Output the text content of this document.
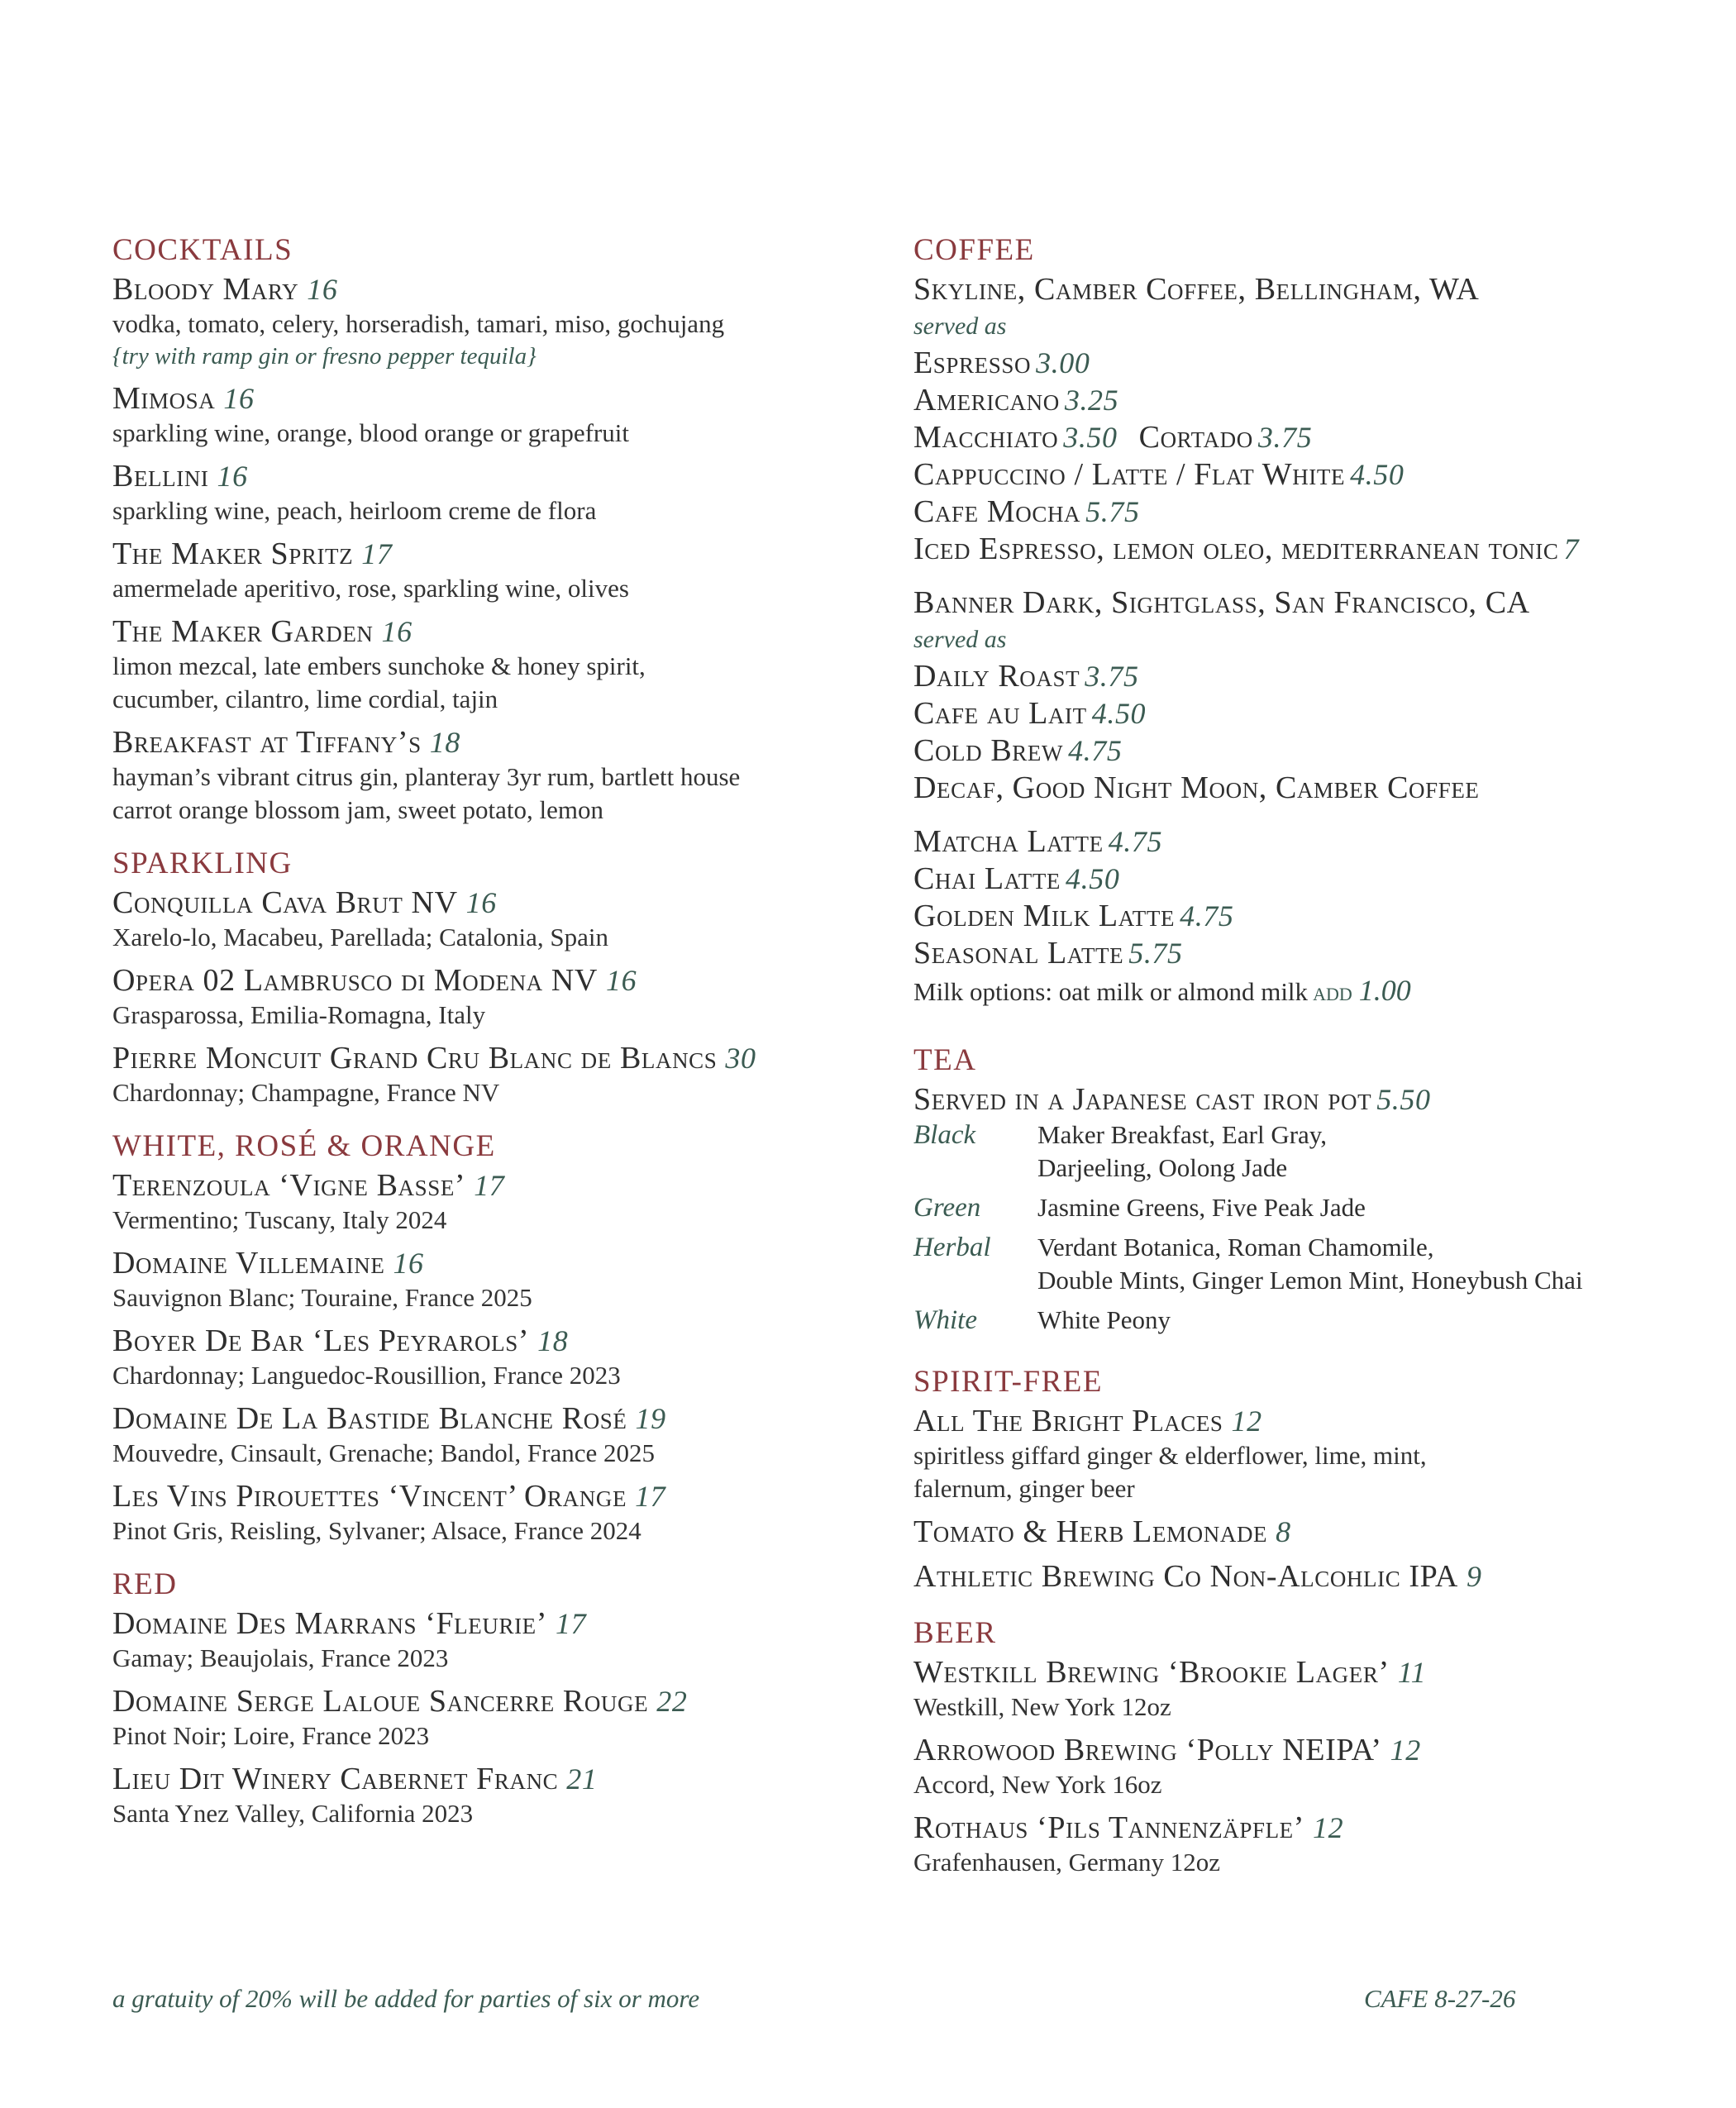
COCKTAILS
Bloody Mary 16
vodka, tomato, celery, horseradish, tamari, miso, gochujang
{try with ramp gin or fresno pepper tequila}
Mimosa 16
sparkling wine, orange, blood orange or grapefruit
Bellini 16
sparkling wine, peach, heirloom creme de flora
The Maker Spritz 17
amermelade aperitivo, rose, sparkling wine, olives
The Maker Garden 16
limon mezcal, late embers sunchoke & honey spirit,
cucumber, cilantro, lime cordial, tajin
Breakfast at Tiffany’s 18
hayman’s vibrant citrus gin, planteray 3yr rum, bartlett house
carrot orange blossom jam, sweet potato, lemon
SPARKLING
Conquilla Cava Brut NV 16
Xarelo-lo, Macabeu, Parellada; Catalonia, Spain
Opera 02 Lambrusco di Modena NV 16
Grasparossa, Emilia-Romagna, Italy
Pierre Moncuit Grand Cru Blanc de Blancs 30
Chardonnay; Champagne, France NV
WHITE, ROSÉ & ORANGE
Terenzoula ‘Vigne Basse’ 17
Vermentino; Tuscany, Italy 2024
Domaine Villemaine 16
Sauvignon Blanc; Touraine, France 2025
Boyer De Bar ‘Les Peyrarols’ 18
Chardonnay; Languedoc-Rousillion, France 2023
Domaine De La Bastide Blanche Rosé 19
Mouvedre, Cinsault, Grenache; Bandol, France 2025
Les Vins Pirouettes ‘Vincent’ Orange 17
Pinot Gris, Reisling, Sylvaner; Alsace, France 2024
RED
Domaine Des Marrans ‘Fleurie’ 17
Gamay; Beaujolais, France 2023
Domaine Serge Laloue Sancerre Rouge 22
Pinot Noir; Loire, France 2023
Lieu Dit Winery Cabernet Franc 21
Santa Ynez Valley, California 2023
COFFEE
Skyline, Camber Coffee, Bellingham, WA
served as
Espresso 3.00
Americano 3.25
Macchiato 3.50 Cortado 3.75
Cappuccino / Latte / Flat White 4.50
Cafe Mocha 5.75
Iced Espresso, lemon oleo, mediterranean tonic 7
Banner Dark, Sightglass, San Francisco, CA
served as
Daily Roast 3.75
Cafe au Lait 4.50
Cold Brew 4.75
Decaf, Good Night Moon, Camber Coffee
Matcha Latte 4.75
Chai Latte 4.50
Golden Milk Latte 4.75
Seasonal Latte 5.75
Milk options: oat milk or almond milk add 1.00
TEA
Served in a Japanese cast iron pot 5.50
Black	Maker Breakfast, Earl Gray,
Darjeeling, Oolong Jade
Green	Jasmine Greens, Five Peak Jade
Herbal	Verdant Botanica, Roman Chamomile,
Double Mints, Ginger Lemon Mint, Honeybush Chai
White	White Peony
SPIRIT-FREE
All The Bright Places 12
spiritless giffard ginger & elderflower, lime, mint,
falernum, ginger beer
Tomato & Herb Lemonade 8
Athletic Brewing Co Non-Alcohlic IPA 9
BEER
Westkill Brewing ‘Brookie Lager’ 11
Westkill, New York 12oz
Arrowood Brewing ‘Polly NEIPA’ 12
Accord, New York 16oz
Rothaus ‘Pils Tannenzäpfle’ 12
Grafenhausen, Germany 12oz
a gratuity of 20% will be added for parties of six or more	CAFE 8-27-26
